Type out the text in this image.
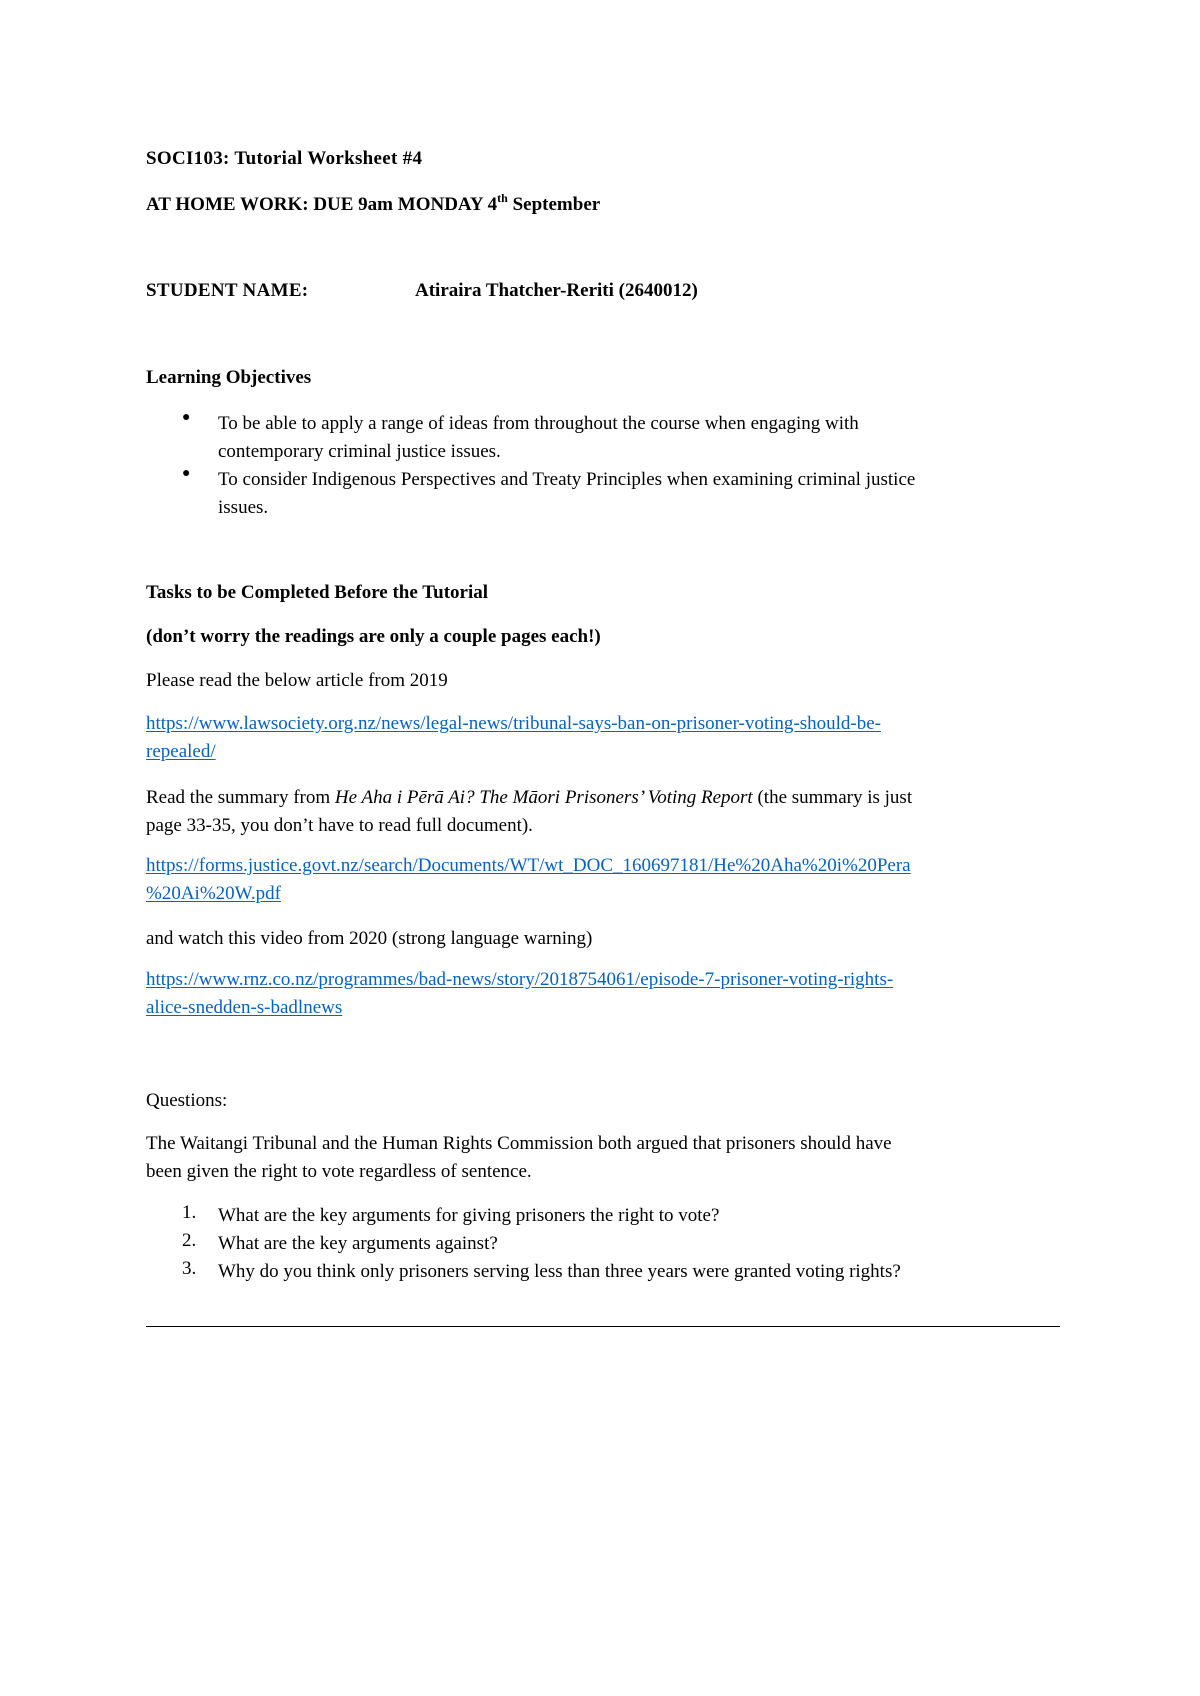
SOCI103: Tutorial Worksheet #4
AT HOME WORK: DUE 9am MONDAY 4th September
STUDENT NAME:	Atiraira Thatcher-Reriti (2640012)
Learning Objectives
● To be able to apply a range of ideas from throughout the course when engaging with
contemporary criminal justice issues.
● To consider Indigenous Perspectives and Treaty Principles when examining criminal justice
issues.
Tasks to be Completed Before the Tutorial
(don’t worry the readings are only a couple pages each!)
Please read the below article from 2019
https://www.lawsociety.org.nz/news/legal-news/tribunal-says-ban-on-prisoner-voting-should-be-
repealed/
Read the summary from He Aha i Pērā Ai? The Māori Prisoners’ Voting Report (the summary is just
page 33-35, you don’t have to read full document).
https://forms.justice.govt.nz/search/Documents/WT/wt_DOC_160697181/He%20Aha%20i%20Pera
%20Ai%20W.pdf
and watch this video from 2020 (strong language warning)
https://www.rnz.co.nz/programmes/bad-news/story/2018754061/episode-7-prisoner-voting-rights-
alice-snedden-s-badlnews
Questions:
The Waitangi Tribunal and the Human Rights Commission both argued that prisoners should have
been given the right to vote regardless of sentence.
1. What are the key arguments for giving prisoners the right to vote?
2. What are the key arguments against?
3. Why do you think only prisoners serving less than three years were granted voting rights?
